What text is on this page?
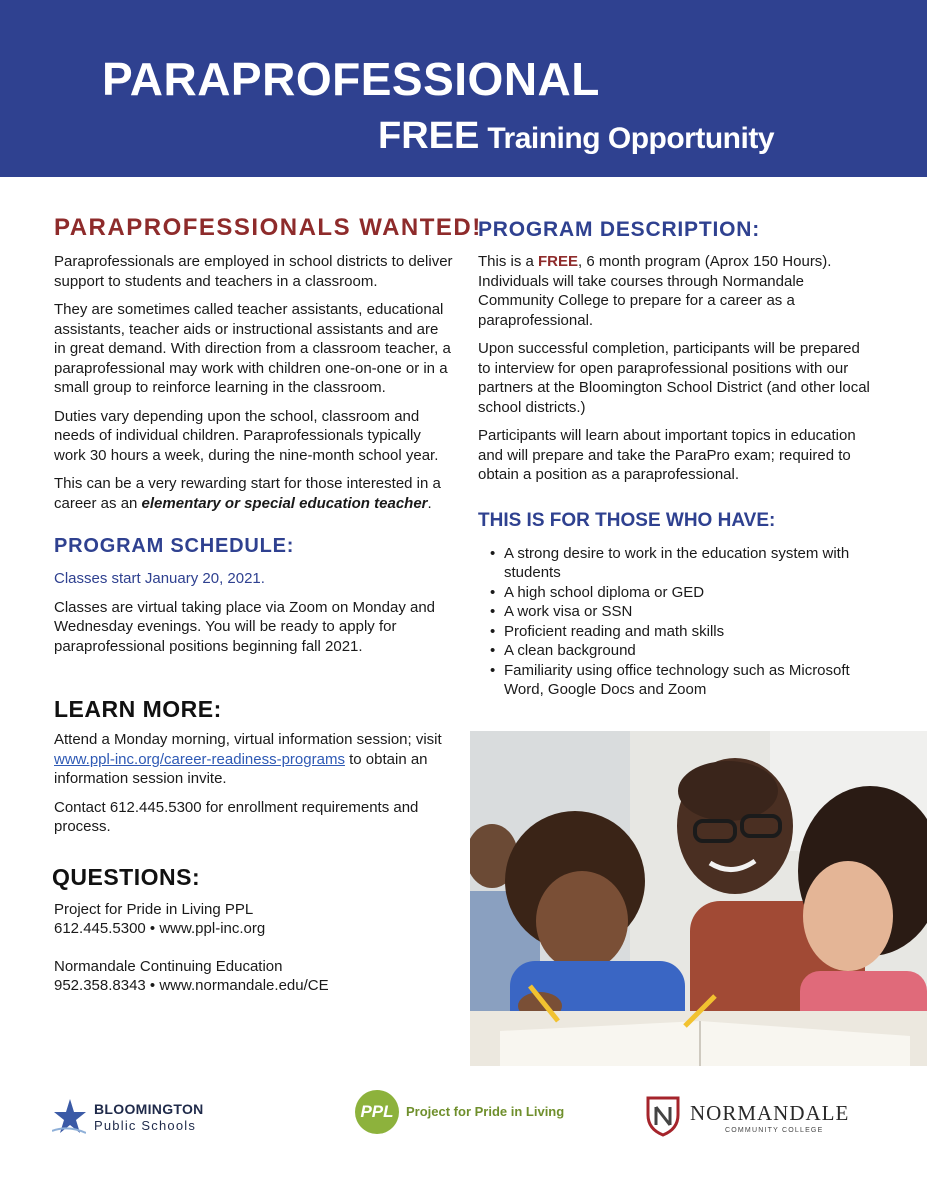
PARAPROFESSIONAL
FREE Training Opportunity
PARAPROFESSIONALS WANTED!

Paraprofessionals are employed in school districts to deliver support to students and teachers in a classroom.

They are sometimes called teacher assistants, educational assistants, teacher aids or instructional assistants and are in great demand. With direction from a classroom teacher, a paraprofessional may work with children one-on-one or in a small group to reinforce learning in the classroom.

Duties vary depending upon the school, classroom and needs of individual children. Paraprofessionals typically work 30 hours a week, during the nine-month school year.

This can be a very rewarding start for those interested in a career as an elementary or special education teacher.

PROGRAM SCHEDULE:

Classes start January 20, 2021.

Classes are virtual taking place via Zoom on Monday and Wednesday evenings. You will be ready to apply for paraprofessional positions beginning fall 2021.

LEARN MORE:

Attend a Monday morning, virtual information session; visit www.ppl-inc.org/career-readiness-programs to obtain an information session invite.

Contact 612.445.5300 for enrollment requirements and process.

QUESTIONS:
Project for Pride in Living PPL
612.445.5300 • www.ppl-inc.org
Normandale Continuing Education
952.358.8343 • www.normandale.edu/CE
PROGRAM DESCRIPTION:

This is a FREE, 6 month program (Aprox 150 Hours). Individuals will take courses through Normandale Community College to prepare for a career as a paraprofessional.

Upon successful completion, participants will be prepared to interview for open paraprofessional positions with our partners at the Bloomington School District (and other local school districts.)

Participants will learn about important topics in education and will prepare and take the ParaPro exam; required to obtain a position as a paraprofessional.

THIS IS FOR THOSE WHO HAVE:
• A strong desire to work in the education system with students
• A high school diploma or GED
• A work visa or SSN
• Proficient reading and math skills
• A clean background
• Familiarity using office technology such as Microsoft Word, Google Docs and Zoom
BLOOMINGTON
Public Schools
PPL Project for Pride in Living	NORMANDALE
COMMUNITY COLLEGE
